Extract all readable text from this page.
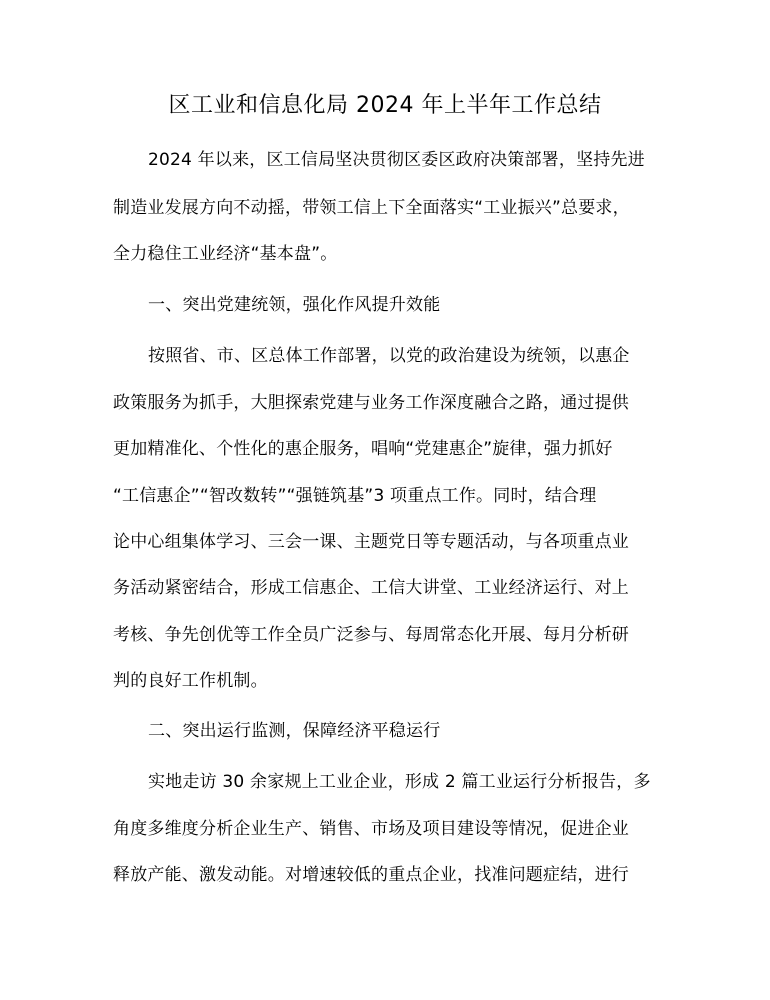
区工业和信息化局 2024 年上半年工作总结
2024 年以来，区工信局坚决贯彻区委区政府决策部署，坚持先进
制造业发展方向不动摇，带领工信上下全面落实“工业振兴”总要求，
全力稳住工业经济“基本盘”。
一、突出党建统领，强化作风提升效能
按照省、市、区总体工作部署，以党的政治建设为统领，以惠企
政策服务为抓手，大胆探索党建与业务工作深度融合之路，通过提供
更加精准化、个性化的惠企服务，唱响“党建惠企”旋律，强力抓好
“工信惠企”“智改数转”“强链筑基”3 项重点工作。同时，结合理
论中心组集体学习、三会一课、主题党日等专题活动，与各项重点业
务活动紧密结合，形成工信惠企、工信大讲堂、工业经济运行、对上
考核、争先创优等工作全员广泛参与、每周常态化开展、每月分析研
判的良好工作机制。
二、突出运行监测，保障经济平稳运行
实地走访 30 余家规上工业企业，形成 2 篇工业运行分析报告，多
角度多维度分析企业生产、销售、市场及项目建设等情况，促进企业
释放产能、激发动能。对增速较低的重点企业，找准问题症结，进行
